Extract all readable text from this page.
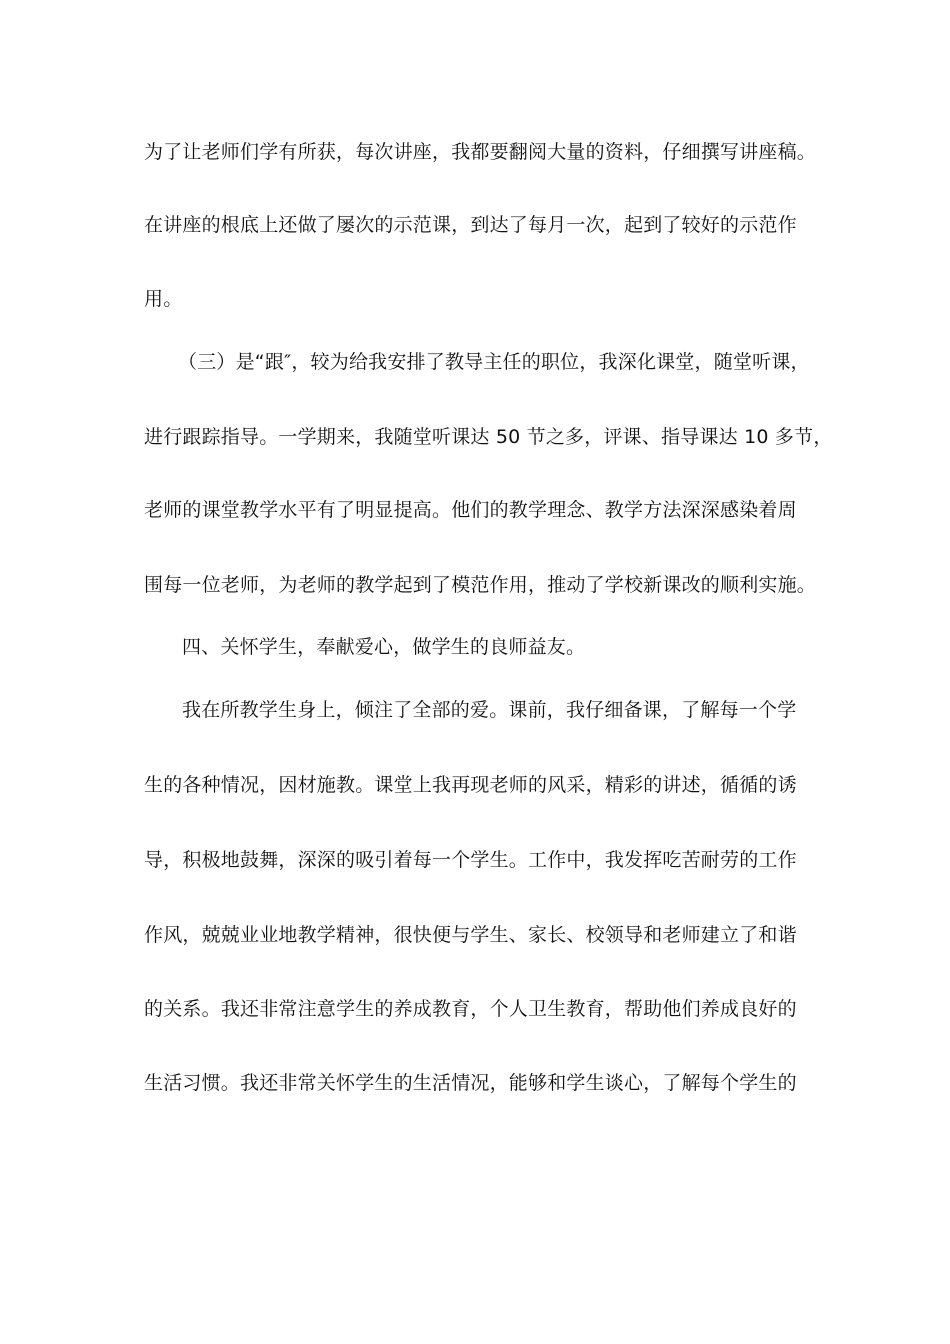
为了让老师们学有所获，每次讲座，我都要翻阅大量的资料，仔细撰写讲座稿。
在讲座的根底上还做了屡次的示范课，到达了每月一次，起到了较好的示范作
用。
（三）是“跟″，较为给我安排了教导主任的职位，我深化课堂，随堂听课，
进行跟踪指导。一学期来，我随堂听课达 50 节之多，评课、指导课达 10 多节，
老师的课堂教学水平有了明显提高。他们的教学理念、教学方法深深感染着周
围每一位老师，为老师的教学起到了模范作用，推动了学校新课改的顺利实施。
四、关怀学生，奉献爱心，做学生的良师益友。
我在所教学生身上，倾注了全部的爱。课前，我仔细备课，了解每一个学
生的各种情况，因材施教。课堂上我再现老师的风采，精彩的讲述，循循的诱
导，积极地鼓舞，深深的吸引着每一个学生。工作中，我发挥吃苦耐劳的工作
作风，兢兢业业地教学精神，很快便与学生、家长、校领导和老师建立了和谐
的关系。我还非常注意学生的养成教育，个人卫生教育，帮助他们养成良好的
生活习惯。我还非常关怀学生的生活情况，能够和学生谈心，了解每个学生的
